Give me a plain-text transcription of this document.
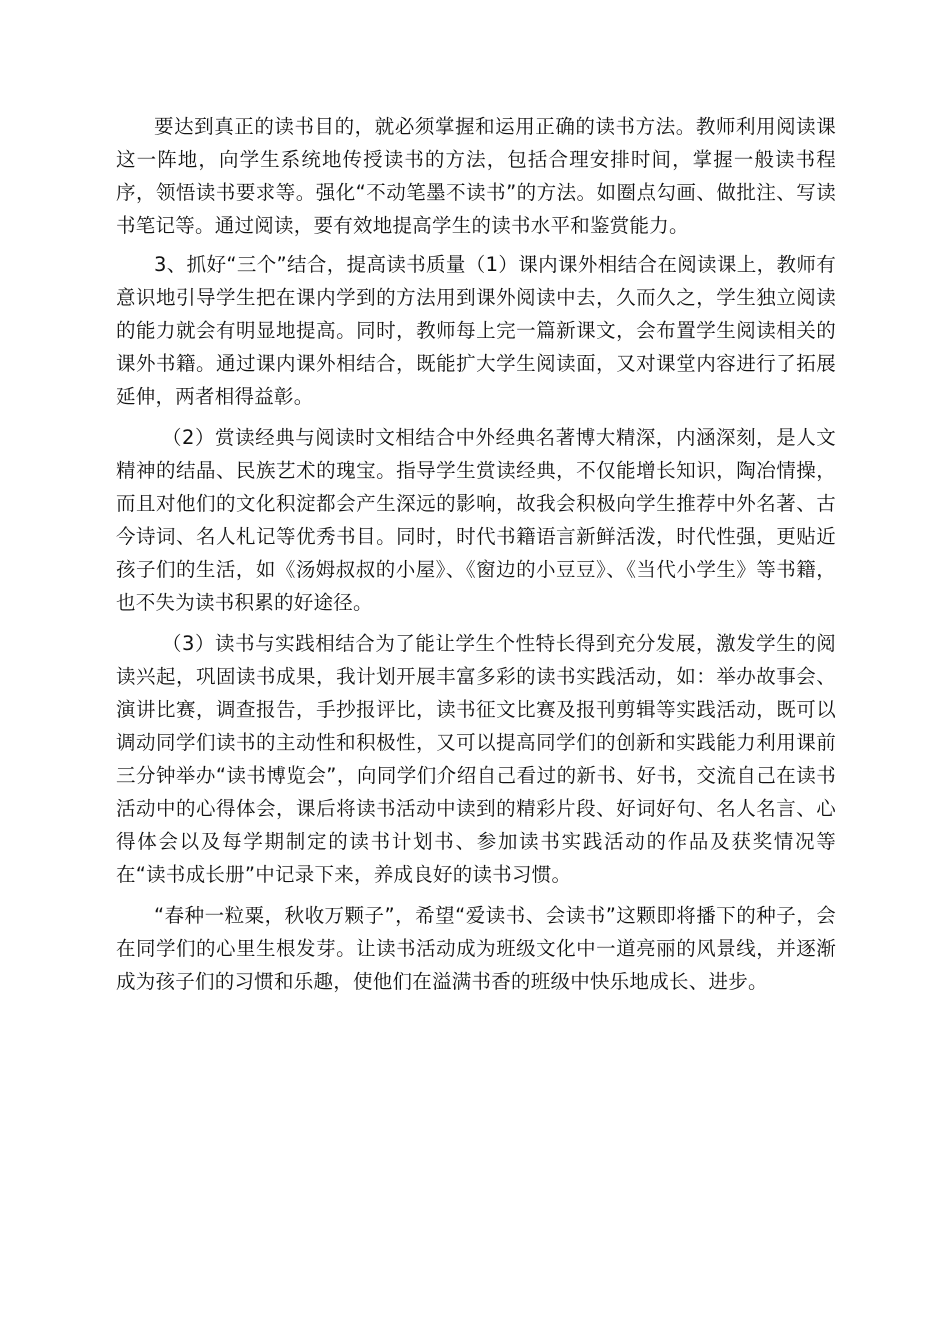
要达到真正的读书目的，就必须掌握和运用正确的读书方法。教师利用阅读课这一阵地，向学生系统地传授读书的方法，包括合理安排时间，掌握一般读书程序，领悟读书要求等。强化“不动笔墨不读书”的方法。如圈点勾画、做批注、写读书笔记等。通过阅读，要有效地提高学生的读书水平和鉴赏能力。

3、抓好“三个”结合，提高读书质量（1）课内课外相结合在阅读课上，教师有意识地引导学生把在课内学到的方法用到课外阅读中去，久而久之，学生独立阅读的能力就会有明显地提高。同时，教师每上完一篇新课文，会布置学生阅读相关的课外书籍。通过课内课外相结合，既能扩大学生阅读面，又对课堂内容进行了拓展延伸，两者相得益彰。

（2）赏读经典与阅读时文相结合中外经典名著博大精深，内涵深刻，是人文精神的结晶、民族艺术的瑰宝。指导学生赏读经典，不仅能增长知识，陶冶情操，而且对他们的文化积淀都会产生深远的影响，故我会积极向学生推荐中外名著、古今诗词、名人札记等优秀书目。同时，时代书籍语言新鲜活泼，时代性强，更贴近孩子们的生活，如《汤姆叔叔的小屋》、《窗边的小豆豆》、《当代小学生》等书籍，也不失为读书积累的好途径。

（3）读书与实践相结合为了能让学生个性特长得到充分发展，激发学生的阅读兴起，巩固读书成果，我计划开展丰富多彩的读书实践活动，如：举办故事会、演讲比赛，调查报告，手抄报评比，读书征文比赛及报刊剪辑等实践活动，既可以调动同学们读书的主动性和积极性，又可以提高同学们的创新和实践能力利用课前三分钟举办“读书博览会”，向同学们介绍自己看过的新书、好书，交流自己在读书活动中的心得体会，课后将读书活动中读到的精彩片段、好词好句、名人名言、心得体会以及每学期制定的读书计划书、参加读书实践活动的作品及获奖情况等在“读书成长册”中记录下来，养成良好的读书习惯。

“春种一粒粟，秋收万颗子”，希望“爱读书、会读书”这颗即将播下的种子，会在同学们的心里生根发芽。让读书活动成为班级文化中一道亮丽的风景线，并逐渐成为孩子们的习惯和乐趣，使他们在溢满书香的班级中快乐地成长、进步。
